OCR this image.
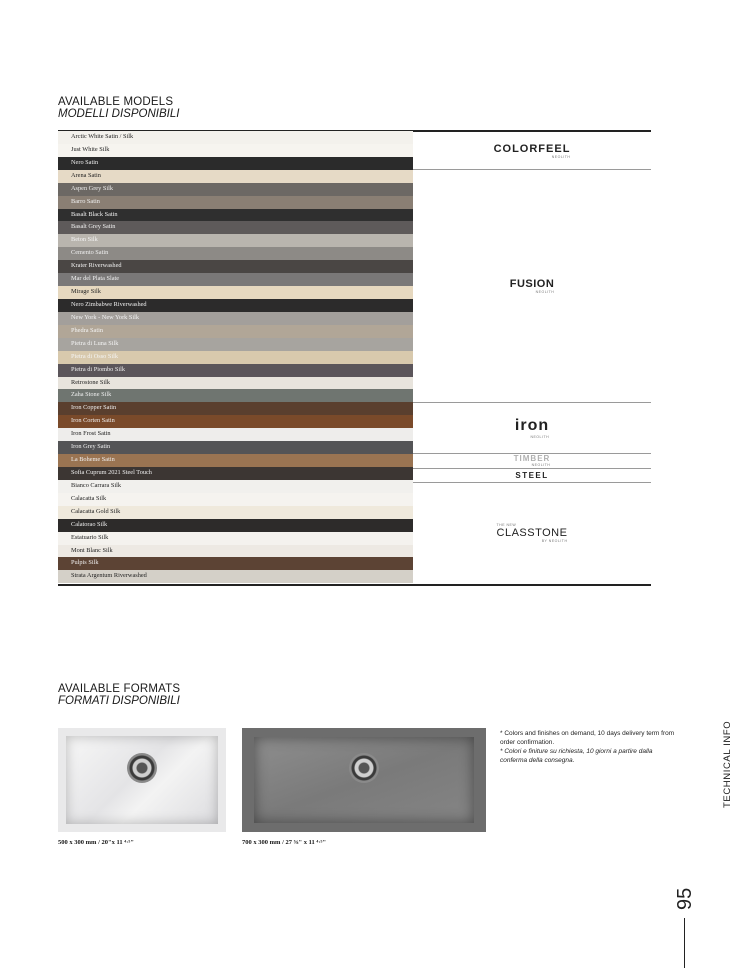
AVAILABLE MODELS
MODELLI DISPONIBILI
Arctic White Satin / Silk
Just White Silk
Nero Satin
Arena Satin
Aspen Grey Silk
Barro Satin
Basalt Black Satin
Basalt Grey Satin
Beton Silk
Cemento Satin
Krater Riverwashed
Mar del Plata Slate
Mirage Silk
Nero Zimbabwe Riverwashed
New York - New York Silk
Phedra Satin
Pietra di Luna Silk
Pietra di Osso Silk
Pietra di Piombo Silk
Retrostone Silk
Zaha Stone Silk
Iron Copper Satin
Iron Corten Satin
Iron Frost Satin
Iron Grey Satin
La Boheme Satin
Sofia Cuprum 2021 Steel Touch
Bianco Carrara Silk
Calacatta Silk
Calacatta Gold Silk
Calatorao Silk
Estatuario Silk
Mont Blanc Silk
Pulpis Silk
Strata Argentum Riverwashed
COLORFEEL
NEOLITH
FUSION
NEOLITH
iron
NEOLITH
TIMBER
NEOLITH
STEEL
THE NEW
CLASSTONE
BY NEOLITH
AVAILABLE FORMATS
FORMATI DISPONIBILI
500 x 300 mm / 20"x 11 ⁴·⁵"	700 x 300 mm / 27 ⅝" x 11 ⁴·⁵"
* Colors and finishes on demand, 10 days delivery term from order confirmation.
* Colori e finiture su richiesta, 10 giorni a partire dalla conferma della consegna.	TECHNICAL INFO
95
